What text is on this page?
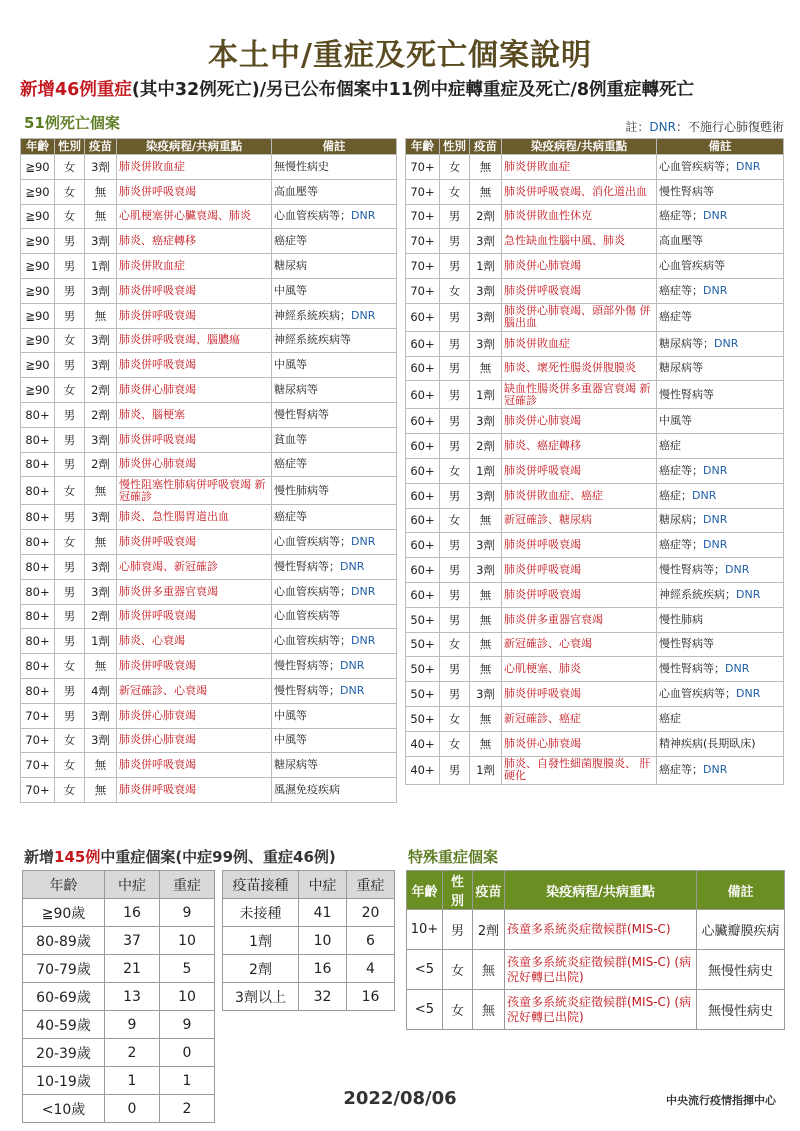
本土中/重症及死亡個案說明
新增46例重症(其中32例死亡)/另已公布個案中11例中症轉重症及死亡/8例重症轉死亡
51例死亡個案	註：DNR：不施行心肺復甦術
年齡	性別	疫苗	染疫病程/共病重點	備註
≧90	女	3劑	肺炎併敗血症	無慢性病史
≧90	女	無	肺炎併呼吸衰竭	高血壓等
≧90	女	無	心肌梗塞併心臟衰竭、肺炎	心血管疾病等；DNR
≧90	男	3劑	肺炎、癌症轉移	癌症等
≧90	男	1劑	肺炎併敗血症	糖尿病
≧90	男	3劑	肺炎併呼吸衰竭	中風等
≧90	男	無	肺炎併呼吸衰竭	神經系統疾病；DNR
≧90	女	3劑	肺炎併呼吸衰竭、腦膿瘍	神經系統疾病等
≧90	男	3劑	肺炎併呼吸衰竭	中風等
≧90	女	2劑	肺炎併心肺衰竭	糖尿病等
80+	男	2劑	肺炎、腦梗塞	慢性腎病等
80+	男	3劑	肺炎併呼吸衰竭	貧血等
80+	男	2劑	肺炎併心肺衰竭	癌症等
80+	女	無	慢性阻塞性肺病併呼吸衰竭 新冠確診	慢性肺病等
80+	男	3劑	肺炎、急性腸胃道出血	癌症等
80+	女	無	肺炎併呼吸衰竭	心血管疾病等；DNR
80+	男	3劑	心肺衰竭、新冠確診	慢性腎病等；DNR
80+	男	3劑	肺炎併多重器官衰竭	心血管疾病等；DNR
80+	男	2劑	肺炎併呼吸衰竭	心血管疾病等
80+	男	1劑	肺炎、心衰竭	心血管疾病等；DNR
80+	女	無	肺炎併呼吸衰竭	慢性腎病等；DNR
80+	男	4劑	新冠確診、心衰竭	慢性腎病等；DNR
70+	男	3劑	肺炎併心肺衰竭	中風等
70+	女	3劑	肺炎併心肺衰竭	中風等
70+	女	無	肺炎併呼吸衰竭	糖尿病等
70+	女	無	肺炎併呼吸衰竭	風濕免疫疾病
年齡	性別	疫苗	染疫病程/共病重點	備註
70+	女	無	肺炎併敗血症	心血管疾病等；DNR
70+	女	無	肺炎併呼吸衰竭、消化道出血	慢性腎病等
70+	男	2劑	肺炎併敗血性休克	癌症等；DNR
70+	男	3劑	急性缺血性腦中風、肺炎	高血壓等
70+	男	1劑	肺炎併心肺衰竭	心血管疾病等
70+	女	3劑	肺炎併呼吸衰竭	癌症等；DNR
60+	男	3劑	肺炎併心肺衰竭、頭部外傷 併腦出血	癌症等
60+	男	3劑	肺炎併敗血症	糖尿病等；DNR
60+	男	無	肺炎、壞死性腸炎併腹膜炎	糖尿病等
60+	男	1劑	缺血性腸炎併多重器官衰竭 新冠確診	慢性腎病等
60+	男	3劑	肺炎併心肺衰竭	中風等
60+	男	2劑	肺炎、癌症轉移	癌症
60+	女	1劑	肺炎併呼吸衰竭	癌症等；DNR
60+	男	3劑	肺炎併敗血症、癌症	癌症；DNR
60+	女	無	新冠確診、糖尿病	糖尿病；DNR
60+	男	3劑	肺炎併呼吸衰竭	癌症等；DNR
60+	男	3劑	肺炎併呼吸衰竭	慢性腎病等；DNR
60+	男	無	肺炎併呼吸衰竭	神經系統疾病；DNR
50+	男	無	肺炎併多重器官衰竭	慢性肺病
50+	女	無	新冠確診、心衰竭	慢性腎病等
50+	男	無	心肌梗塞、肺炎	慢性腎病等；DNR
50+	男	3劑	肺炎併呼吸衰竭	心血管疾病等；DNR
50+	女	無	新冠確診、癌症	癌症
40+	女	無	肺炎併心肺衰竭	精神疾病(長期臥床)
40+	男	1劑	肺炎、自發性細菌腹膜炎、 肝硬化	癌症等；DNR
新增145例中重症個案(中症99例、重症46例)	特殊重症個案
年齡	中症	重症
≧90歲	16	9
80-89歲	37	10
70-79歲	21	5
60-69歲	13	10
40-59歲	9	9
20-39歲	2	0
10-19歲	1	1
<10歲	0	2
疫苗接種	中症	重症
未接種	41	20
1劑	10	6
2劑	16	4
3劑以上	32	16
年齡	性別	疫苗	染疫病程/共病重點	備註
10+	男	2劑	孩童多系統炎症徵候群(MIS-C)	心臟瓣膜疾病
<5	女	無	孩童多系統炎症徵候群(MIS-C) (病況好轉已出院)	無慢性病史
<5	女	無	孩童多系統炎症徵候群(MIS-C) (病況好轉已出院)	無慢性病史
2022/08/06	中央流行疫情指揮中心
